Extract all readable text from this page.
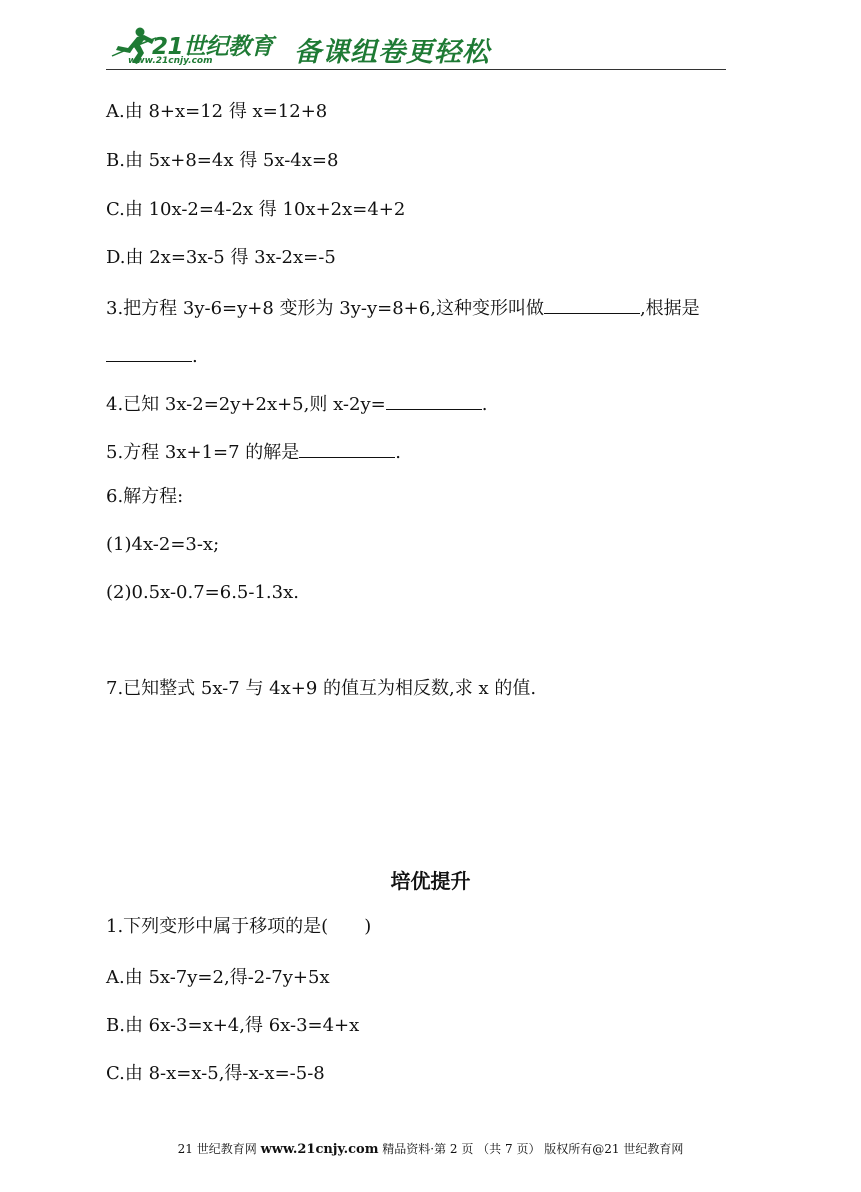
21世纪教育
www.21cnjy.com	备课组卷更轻松
A.由 8+x=12 得 x=12+8
B.由 5x+8=4x 得 5x-4x=8
C.由 10x-2=4-2x 得 10x+2x=4+2
D.由 2x=3x-5 得 3x-2x=-5
3.把方程 3y-6=y+8 变形为 3y-y=8+6,这种变形叫做	,根据是
.
4.已知 3x-2=2y+2x+5,则 x-2y=	.
5.方程 3x+1=7 的解是	.
6.解方程:
(1)4x-2=3-x;
(2)0.5x-0.7=6.5-1.3x.
7.已知整式 5x-7 与 4x+9 的值互为相反数,求 x 的值.
培优提升
1.下列变形中属于移项的是(　　)
A.由 5x-7y=2,得-2-7y+5x
B.由 6x-3=x+4,得 6x-3=4+x
C.由 8-x=x-5,得-x-x=-5-8
21 世纪教育网 www.21cnjy.com 精品资料·第 2 页 （共 7 页） 版权所有@21 世纪教育网
